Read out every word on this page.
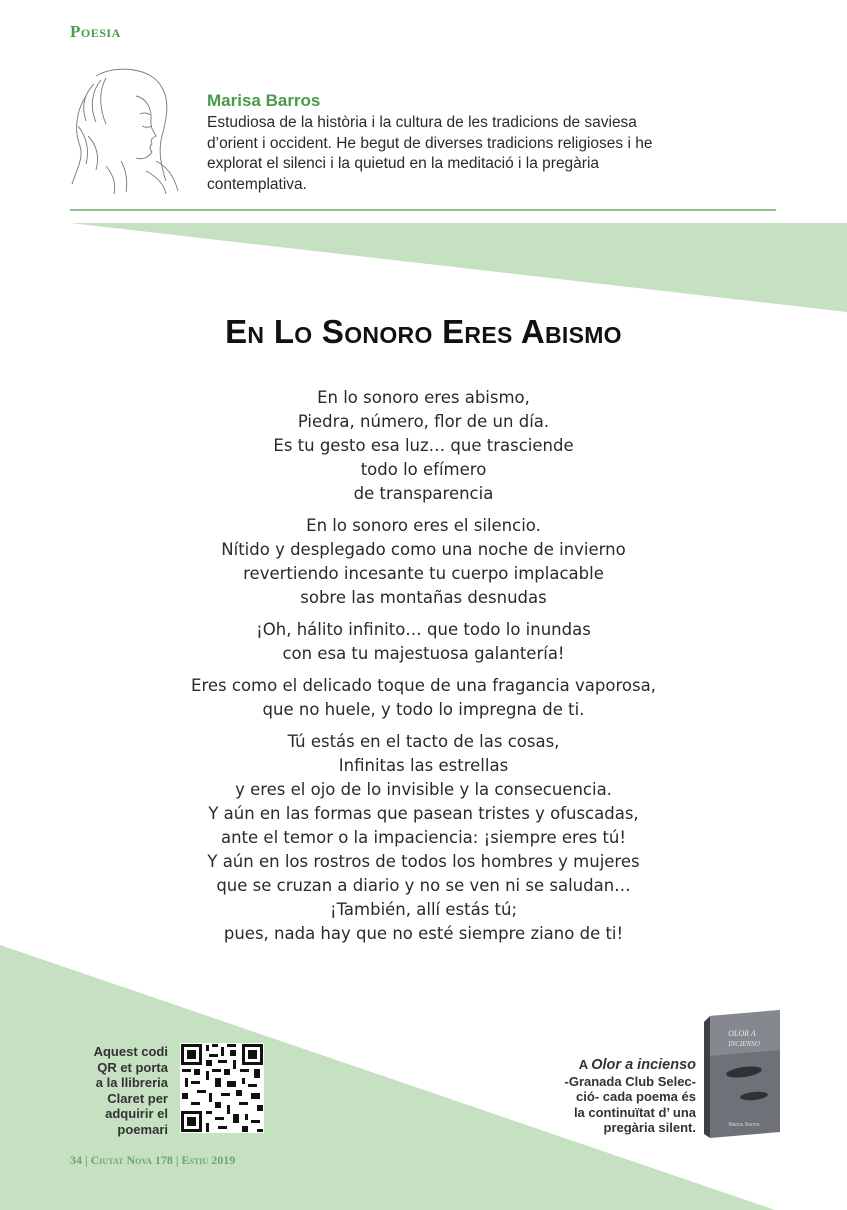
Poesia
Marisa Barros
Estudiosa de la història i la cultura de les tradicions de saviesa d’orient i occident. He begut de diverses tradicions religioses i he explorat el silenci i la quietud en la meditació i la pregària contemplativa.
En Lo Sonoro Eres Abismo
En lo sonoro eres abismo,
Piedra, número, flor de un día.
Es tu gesto esa luz… que trasciende
todo lo efímero
de transparencia
En lo sonoro eres el silencio.
Nítido y desplegado como una noche de invierno
revertiendo incesante tu cuerpo implacable
sobre las montañas desnudas
¡Oh, hálito infinito… que todo lo inundas
con esa tu majestuosa galantería!
Eres como el delicado toque de una fragancia vaporosa,
que no huele, y todo lo impregna de ti.
Tú estás en el tacto de las cosas,
Infinitas las estrellas
y eres el ojo de lo invisible y la consecuencia.
Y aún en las formas que pasean tristes y ofuscadas,
ante el temor o la impaciencia: ¡siempre eres tú!
Y aún en los rostros de todos los hombres y mujeres
que se cruzan a diario y no se ven ni se saludan…
¡También, allí estás tú;
pues, nada hay que no esté siempre ziano de ti!
Aquest codi
QR et porta
a la llibreria
Claret per
adquirir el
poemari
A Olor a incienso
-Granada Club Selec-
ció- cada poema és
la continuïtat d’ una
pregària silent.
OLOR A
INCIENSO
Marisa Barros
34 | Ciutat Nova 178 | Estiu 2019
